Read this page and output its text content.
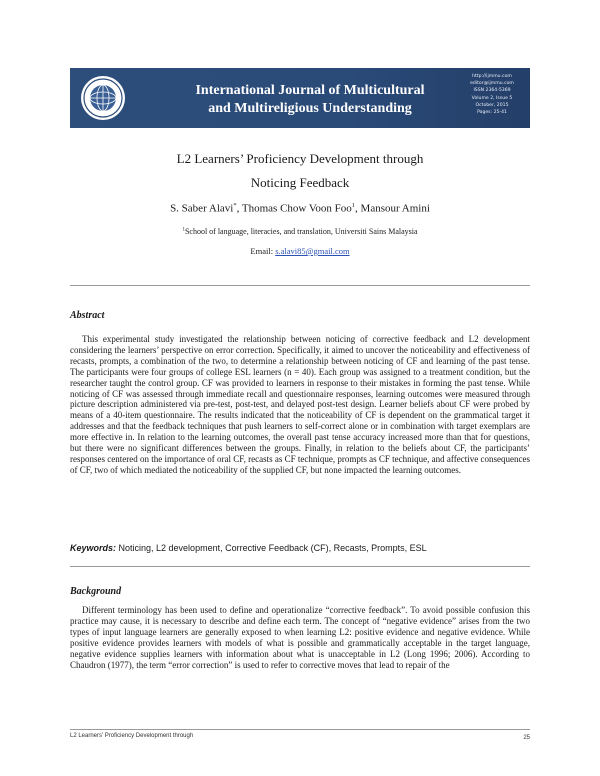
International Journal of Multicultural
and Multireligious Understanding
http://ijmmu.com
editor@ijmmu.com
ISSN 2364-5369
Volume 2, Issue 5
October, 2015
Pages: 25-41
L2 Learners’ Proficiency Development through
Noticing Feedback
S. Saber Alavi*, Thomas Chow Voon Foo$^1$, Mansour Amini
$^1$School of language, literacies, and translation, Universiti Sains Malaysia
Email: s.alavi85@gmail.com
Abstract
This experimental study investigated the relationship between noticing of corrective feedback and L2 development considering the learners’ perspective on error correction. Specifically, it aimed to uncover the noticeability and effectiveness of recasts, prompts, a combination of the two, to determine a relationship between noticing of CF and learning of the past tense. The participants were four groups of college ESL learners (n = 40). Each group was assigned to a treatment condition, but the researcher taught the control group. CF was provided to learners in response to their mistakes in forming the past tense. While noticing of CF was assessed through immediate recall and questionnaire responses, learning outcomes were measured through picture description administered via pre-test, post-test, and delayed post-test design. Learner beliefs about CF were probed by means of a 40-item questionnaire. The results indicated that the noticeability of CF is dependent on the grammatical target it addresses and that the feedback techniques that push learners to self-correct alone or in combination with target exemplars are more effective in. In relation to the learning outcomes, the overall past tense accuracy increased more than that for questions, but there were no significant differences between the groups. Finally, in relation to the beliefs about CF, the participants’ responses centered on the importance of oral CF, recasts as CF technique, prompts as CF technique, and affective consequences of CF, two of which mediated the noticeability of the supplied CF, but none impacted the learning outcomes.
Keywords: Noticing, L2 development, Corrective Feedback (CF), Recasts, Prompts, ESL
Background
Different terminology has been used to define and operationalize “corrective feedback”. To avoid possible confusion this practice may cause, it is necessary to describe and define each term. The concept of “negative evidence” arises from the two types of input language learners are generally exposed to when learning L2: positive evidence and negative evidence. While positive evidence provides learners with models of what is possible and grammatically acceptable in the target language, negative evidence supplies learners with information about what is unacceptable in L2 (Long 1996; 2006). According to Chaudron (1977), the term “error correction” is used to refer to corrective moves that lead to repair of the
L2 Learners’ Proficiency Development through	25
